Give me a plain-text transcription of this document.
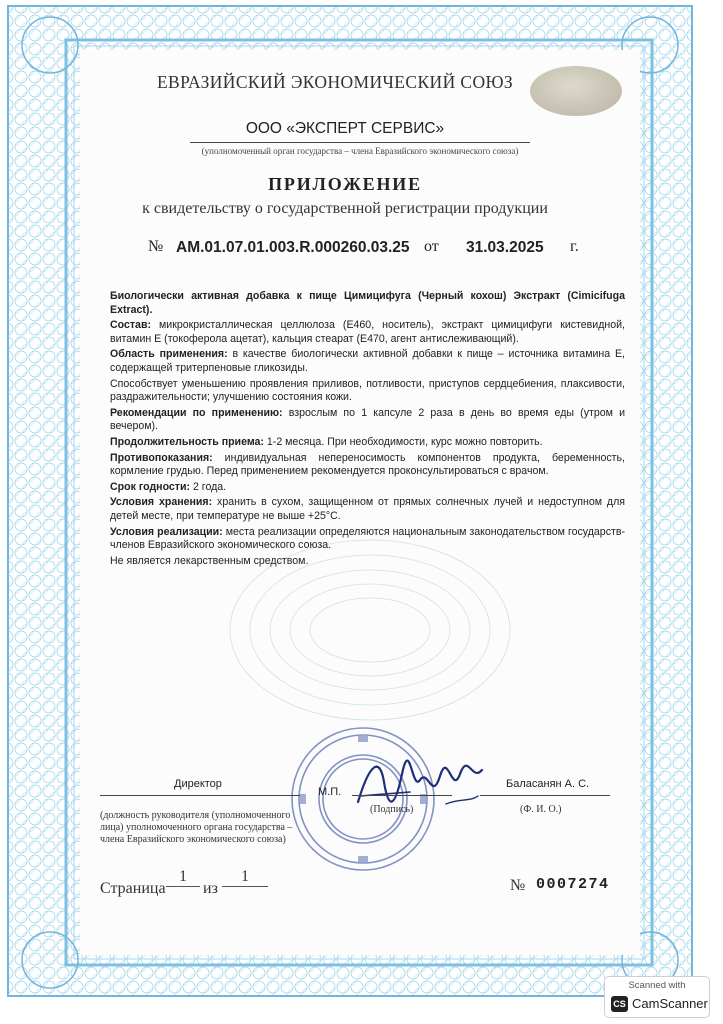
ЕВРАЗИЙСКИЙ ЭКОНОМИЧЕСКИЙ СОЮЗ
ООО «ЭКСПЕРТ СЕРВИС»
(уполномоченный орган государства – члена Евразийского экономического союза)
ПРИЛОЖЕНИЕ
к свидетельству о государственной регистрации продукции
№ AM.01.07.01.003.R.000260.03.25 от 31.03.2025 г.

Биологически активная добавка к пище Цимицифуга (Черный кохош) Экстракт (Cimicifuga Extract).

Состав: микрокристаллическая целлюлоза (Е460, носитель), экстракт цимицифуги кистевидной, витамин Е (токоферола ацетат), кальция стеарат (Е470, агент антислеживающий).

Область применения: в качестве биологически активной добавки к пище – источника витамина Е, содержащей тритерпеновые гликозиды.

Способствует уменьшению проявления приливов, потливости, приступов сердцебиения, плаксивости, раздражительности; улучшению состояния кожи.

Рекомендации по применению: взрослым по 1 капсуле 2 раза в день во время еды (утром и вечером).

Продолжительность приема: 1-2 месяца. При необходимости, курс можно повторить.

Противопоказания: индивидуальная непереносимость компонентов продукта, беременность, кормление грудью. Перед применением рекомендуется проконсультироваться с врачом.

Срок годности: 2 года.

Условия хранения: хранить в сухом, защищенном от прямых солнечных лучей и недоступном для детей месте, при температуре не выше +25°С.

Условия реализации: места реализации определяются национальным законодательством государств-членов Евразийского экономического союза.

Не является лекарственным средством.

Директор
М.П.
Баласанян А. С.
(должность руководителя (уполномоченного лица) уполномоченного органа государства – члена Евразийского экономического союза)
(Подпись)	(Ф. И. О.)
Страница
1
из
1
№ 0007274
Scanned with
CS CamScanner
